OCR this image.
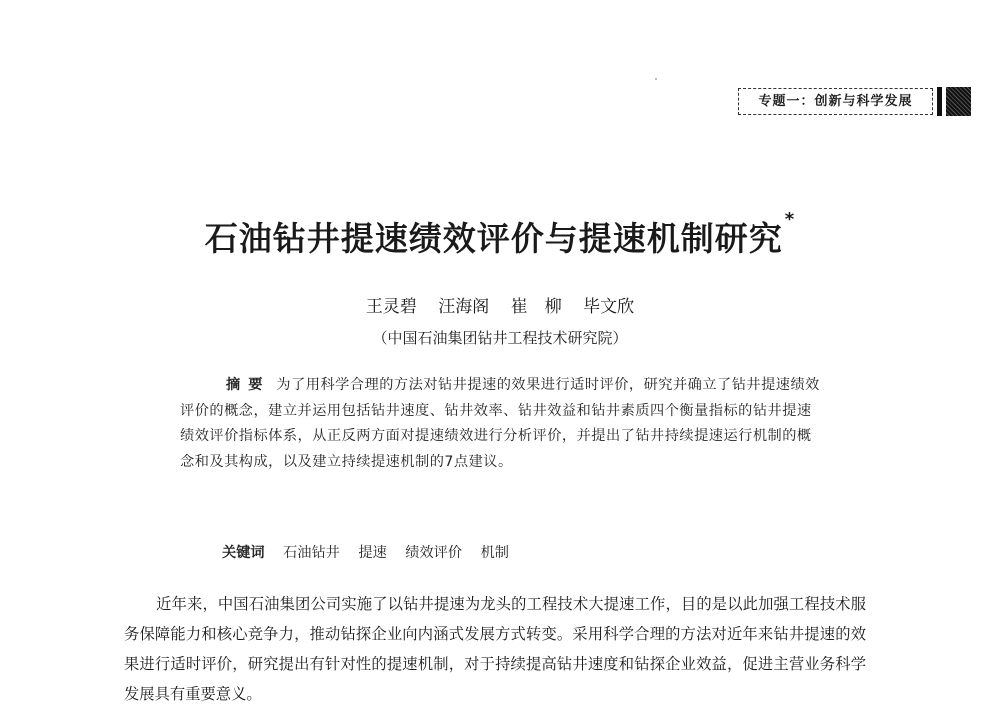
专题一：创新与科学发展
石油钻井提速绩效评价与提速机制研究 *
王灵碧 汪海阁 崔　柳 毕文欣
（中国石油集团钻井工程技术研究院）
摘要 为了用科学合理的方法对钻井提速的效果进行适时评价，研究并确立了钻井提速绩效评价的概念，建立并运用包括钻井速度、钻井效率、钻井效益和钻井素质四个衡量指标的钻井提速绩效评价指标体系，从正反两方面对提速绩效进行分析评价，并提出了钻井持续提速运行机制的概念和及其构成，以及建立持续提速机制的7点建议。
关键词 石油钻井 提速 绩效评价 机制
近年来，中国石油集团公司实施了以钻井提速为龙头的工程技术大提速工作，目的是以此加强工程技术服务保障能力和核心竞争力，推动钻探企业向内涵式发展方式转变。采用科学合理的方法对近年来钻井提速的效果进行适时评价，研究提出有针对性的提速机制，对于持续提高钻井速度和钻探企业效益，促进主营业务科学发展具有重要意义。
